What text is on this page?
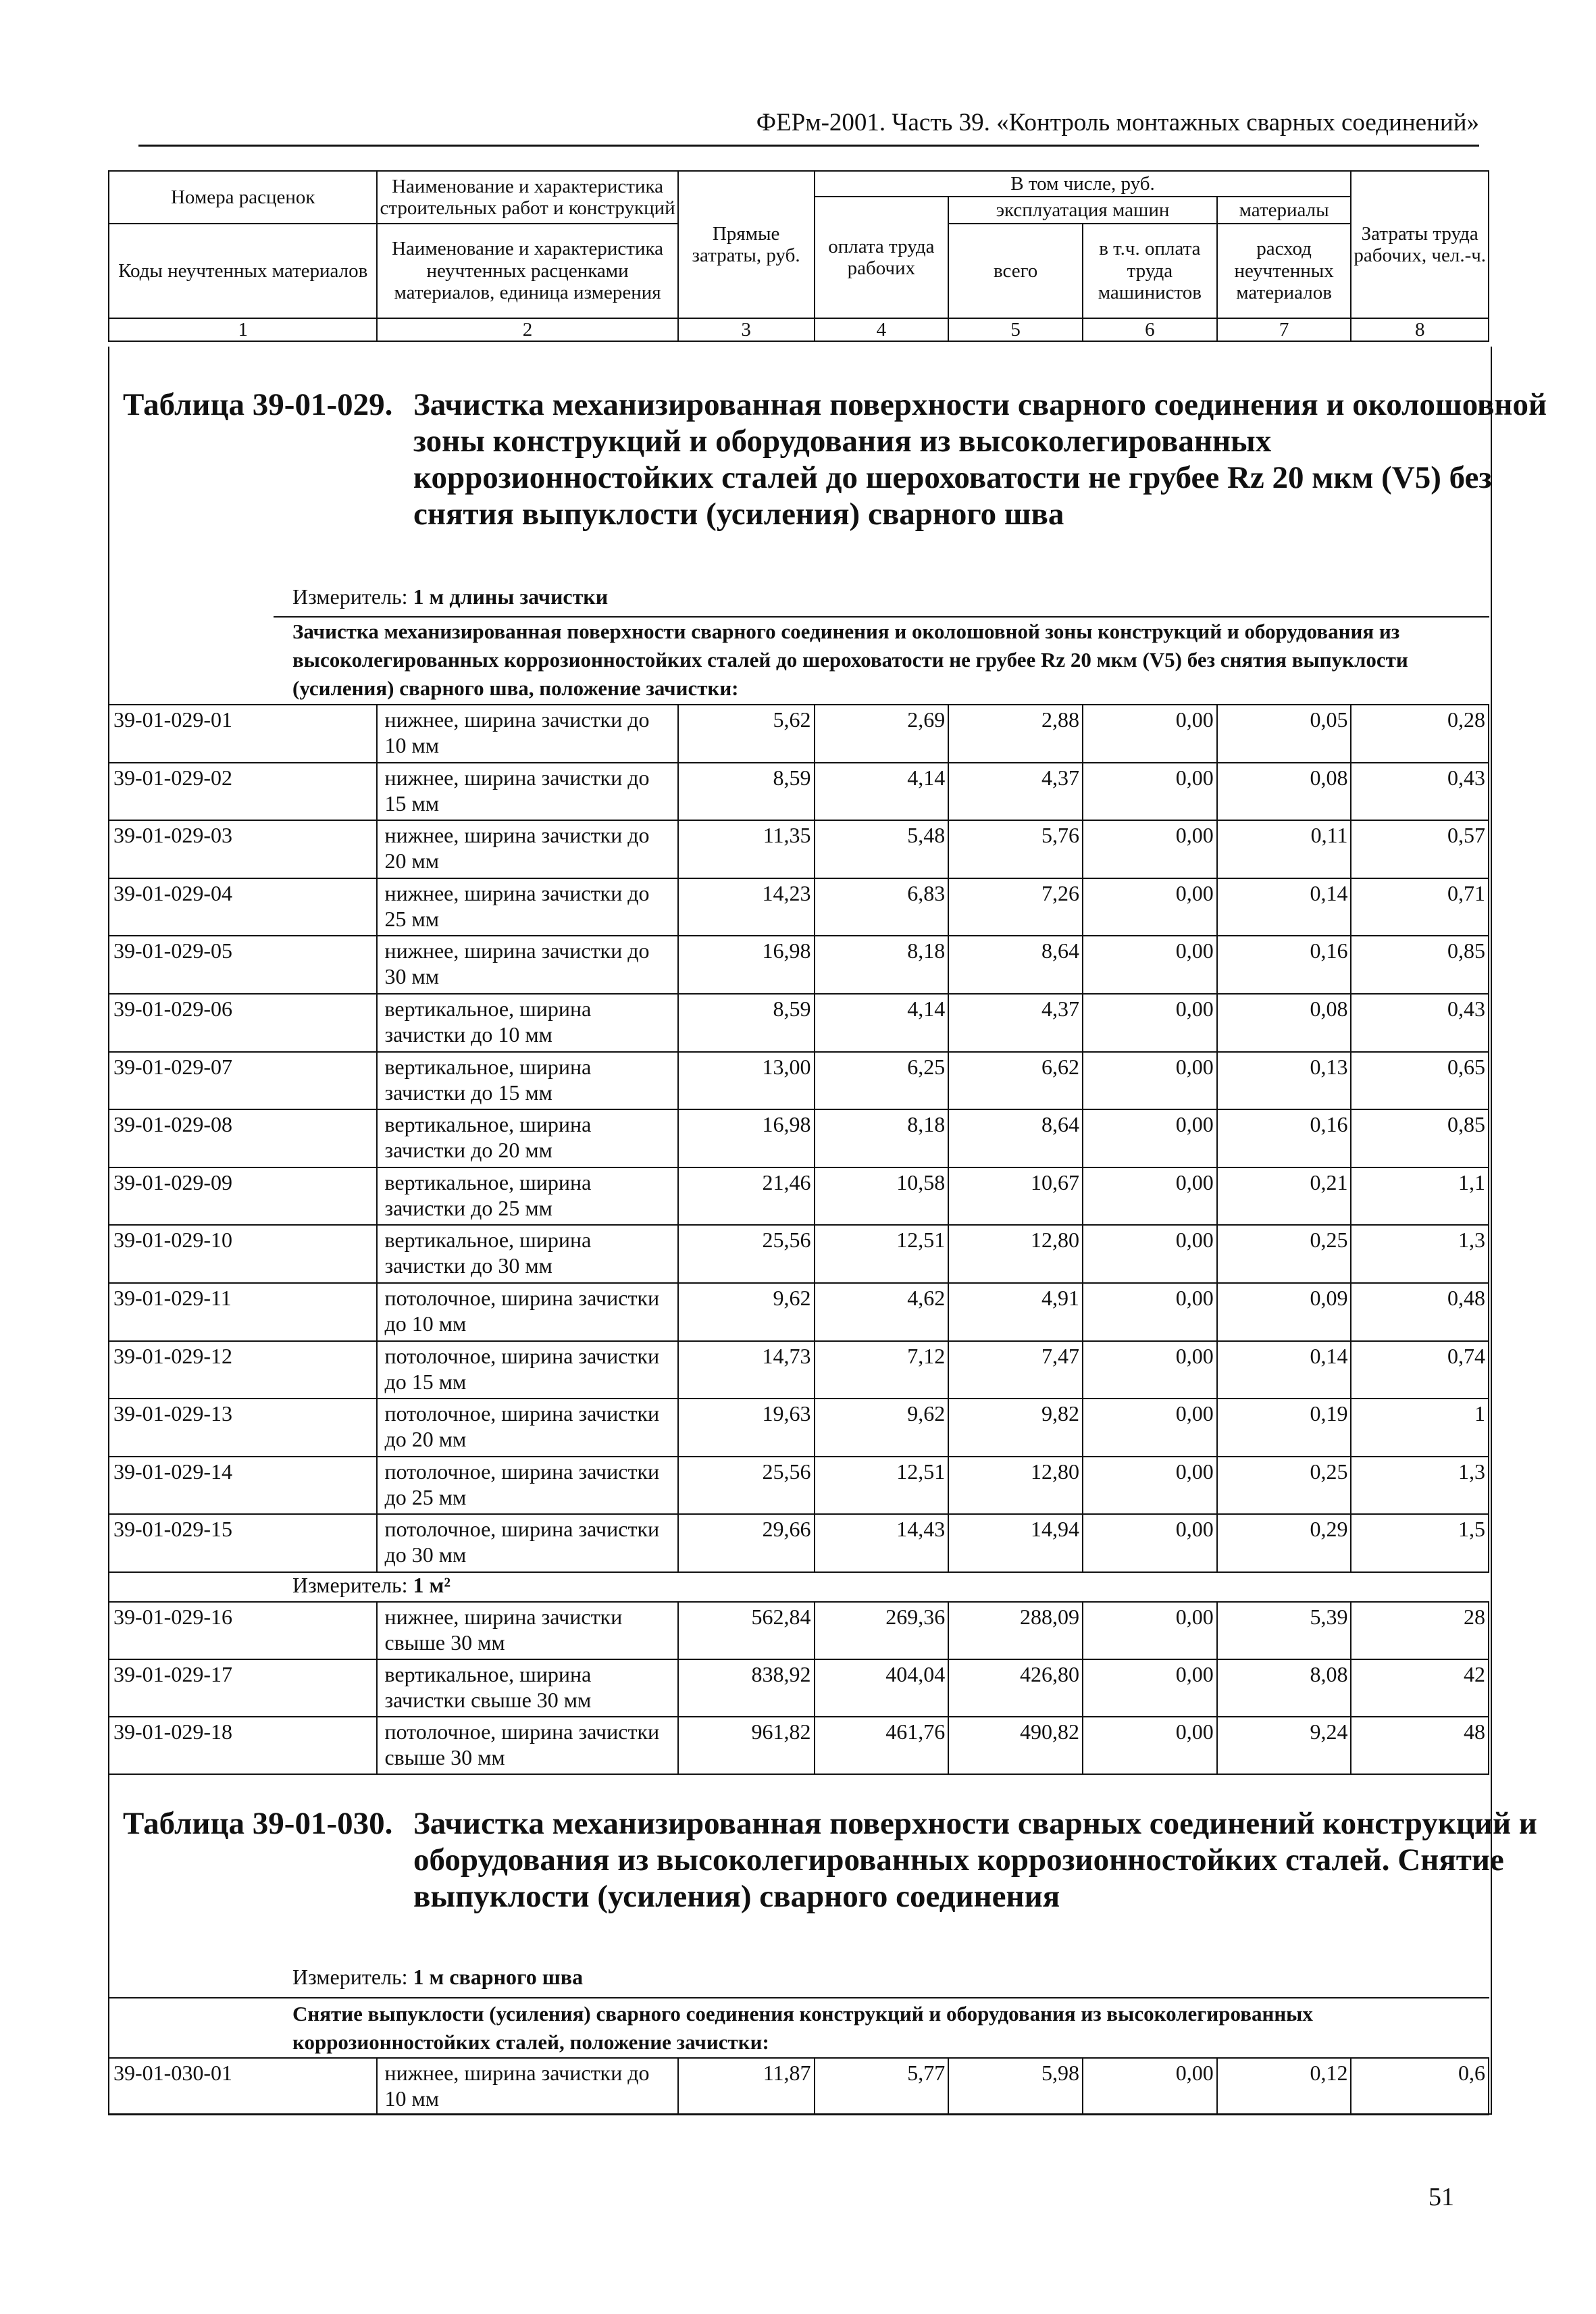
ФЕРм-2001. Часть 39. «Контроль монтажных сварных соединений»
Номера расценок	Наименование и характеристика строительных работ и конструкций	Прямые затраты, руб.	В том числе, руб.				Затраты труда рабочих, чел.-ч.
			оплата труда рабочих	эксплуатация машин		материалы	
Коды неучтенных материалов	Наименование и характеристика неучтенных расценками материалов, единица измерения			всего	в т.ч. оплата труда машинистов	расход неучтенных материалов	
1	2	3	4	5	6	7	8
Таблица 39-01-029. Зачистка механизированная поверхности сварного соединения и околошовной зоны конструкций и оборудования из высоколегированных коррозионностойких сталей до шероховатости не грубее Rz 20 мкм (V5) без снятия выпуклости (усиления) сварного шва
Измеритель: 1 м длины зачистки
Зачистка механизированная поверхности сварного соединения и околошовной зоны конструкций и оборудования из высоколегированных коррозионностойких сталей до шероховатости не грубее Rz 20 мкм (V5) без снятия выпуклости (усиления) сварного шва, положение зачистки:
39-01-029-01	нижнее, ширина зачистки до 10 мм	5,62	2,69	2,88	0,00	0,05	0,28
39-01-029-02	нижнее, ширина зачистки до 15 мм	8,59	4,14	4,37	0,00	0,08	0,43
39-01-029-03	нижнее, ширина зачистки до 20 мм	11,35	5,48	5,76	0,00	0,11	0,57
39-01-029-04	нижнее, ширина зачистки до 25 мм	14,23	6,83	7,26	0,00	0,14	0,71
39-01-029-05	нижнее, ширина зачистки до 30 мм	16,98	8,18	8,64	0,00	0,16	0,85
39-01-029-06	вертикальное, ширина зачистки до 10 мм	8,59	4,14	4,37	0,00	0,08	0,43
39-01-029-07	вертикальное, ширина зачистки до 15 мм	13,00	6,25	6,62	0,00	0,13	0,65
39-01-029-08	вертикальное, ширина зачистки до 20 мм	16,98	8,18	8,64	0,00	0,16	0,85
39-01-029-09	вертикальное, ширина зачистки до 25 мм	21,46	10,58	10,67	0,00	0,21	1,1
39-01-029-10	вертикальное, ширина зачистки до 30 мм	25,56	12,51	12,80	0,00	0,25	1,3
39-01-029-11	потолочное, ширина зачистки до 10 мм	9,62	4,62	4,91	0,00	0,09	0,48
39-01-029-12	потолочное, ширина зачистки до 15 мм	14,73	7,12	7,47	0,00	0,14	0,74
39-01-029-13	потолочное, ширина зачистки до 20 мм	19,63	9,62	9,82	0,00	0,19	1
39-01-029-14	потолочное, ширина зачистки до 25 мм	25,56	12,51	12,80	0,00	0,25	1,3
39-01-029-15	потолочное, ширина зачистки до 30 мм	29,66	14,43	14,94	0,00	0,29	1,5
Измеритель: 1 м²
39-01-029-16	нижнее, ширина зачистки свыше 30 мм	562,84	269,36	288,09	0,00	5,39	28
39-01-029-17	вертикальное, ширина зачистки свыше 30 мм	838,92	404,04	426,80	0,00	8,08	42
39-01-029-18	потолочное, ширина зачистки свыше 30 мм	961,82	461,76	490,82	0,00	9,24	48
Таблица 39-01-030. Зачистка механизированная поверхности сварных соединений конструкций и оборудования из высоколегированных коррозионностойких сталей. Снятие выпуклости (усиления) сварного соединения
Измеритель: 1 м сварного шва
Снятие выпуклости (усиления) сварного соединения конструкций и оборудования из высоколегированных коррозионностойких сталей, положение зачистки:
39-01-030-01	нижнее, ширина зачистки до 10 мм	11,87	5,77	5,98	0,00	0,12	0,6
51
